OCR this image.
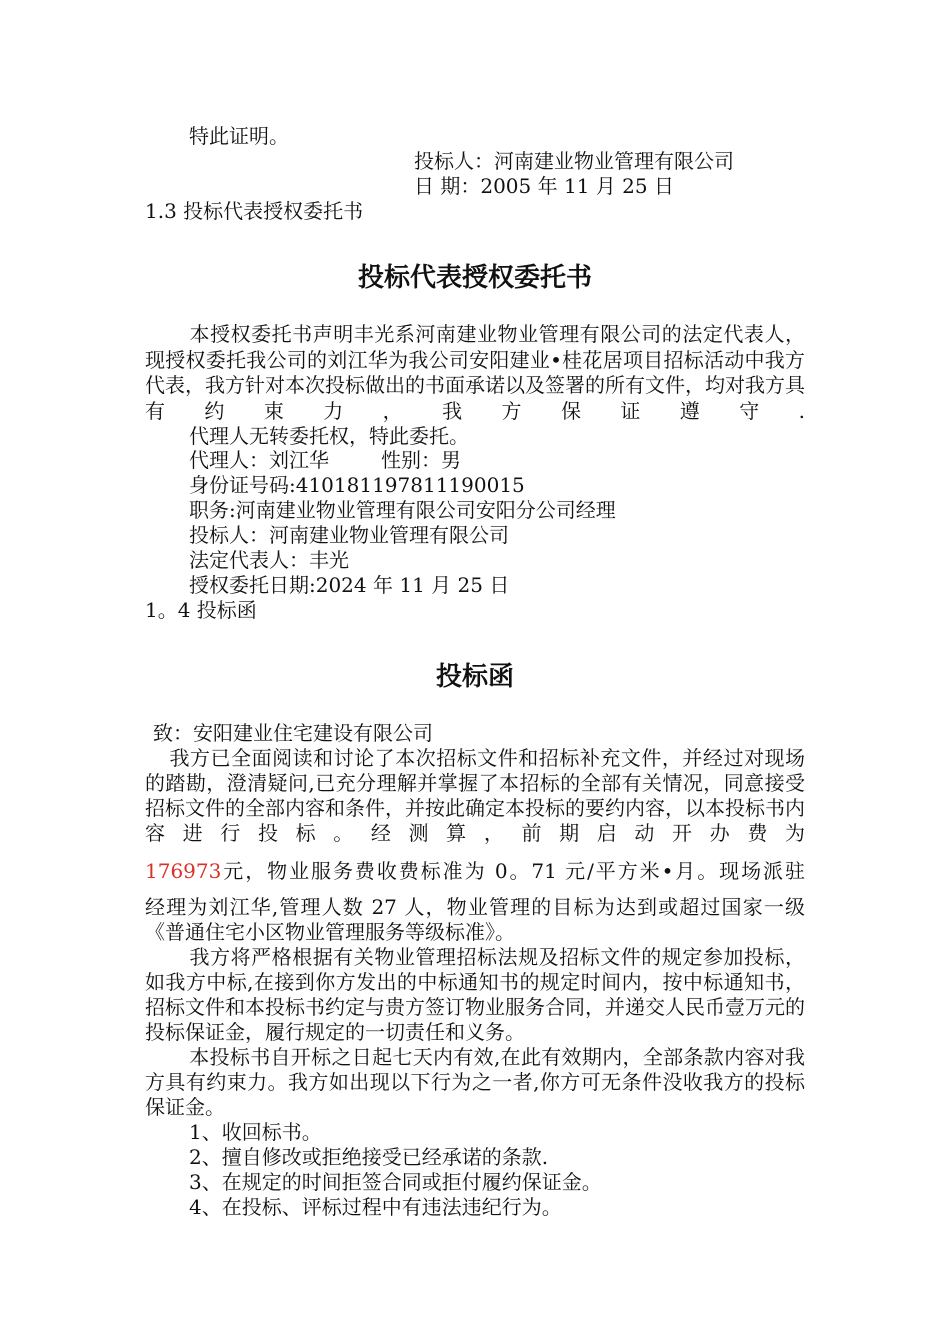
特此证明。
投标人：河南建业物业管理有限公司
日 期：2005 年 11 月 25 日
1.3 投标代表授权委托书
投标代表授权委托书
本授权委托书声明丰光系河南建业物业管理有限公司的法定代表人，现授权委托我公司的刘江华为我公司安阳建业•桂花居项目招标活动中我方代表，我方针对本次投标做出的书面承诺以及签署的所有文件，均对我方具有约束力，我方保证遵守.
代理人无转委托权，特此委托。
代理人：刘江华	性别：男
身份证号码:410181197811190015
职务:河南建业物业管理有限公司安阳分公司经理
投标人：河南建业物业管理有限公司
法定代表人：丰光
授权委托日期:2024 年 11 月 25 日
1。4 投标函
投标函
致：安阳建业住宅建设有限公司
我方已全面阅读和讨论了本次招标文件和招标补充文件，并经过对现场的踏勘，澄清疑问,已充分理解并掌握了本招标的全部有关情况，同意接受招标文件的全部内容和条件，并按此确定本投标的要约内容，以本投标书内容进行投标。经测算，前期启动开办费为
176973元，物业服务费收费标准为 0。71 元/平方米•月。现场派驻
经理为刘江华,管理人数 27 人，物业管理的目标为达到或超过国家一级《普通住宅小区物业管理服务等级标准》。
我方将严格根据有关物业管理招标法规及招标文件的规定参加投标，如我方中标,在接到你方发出的中标通知书的规定时间内，按中标通知书，招标文件和本投标书约定与贵方签订物业服务合同，并递交人民币壹万元的投标保证金，履行规定的一切责任和义务。
本投标书自开标之日起七天内有效,在此有效期内，全部条款内容对我方具有约束力。我方如出现以下行为之一者,你方可无条件没收我方的投标保证金。
1、收回标书。
2、擅自修改或拒绝接受已经承诺的条款.
3、在规定的时间拒签合同或拒付履约保证金。
4、在投标、评标过程中有违法违纪行为。
